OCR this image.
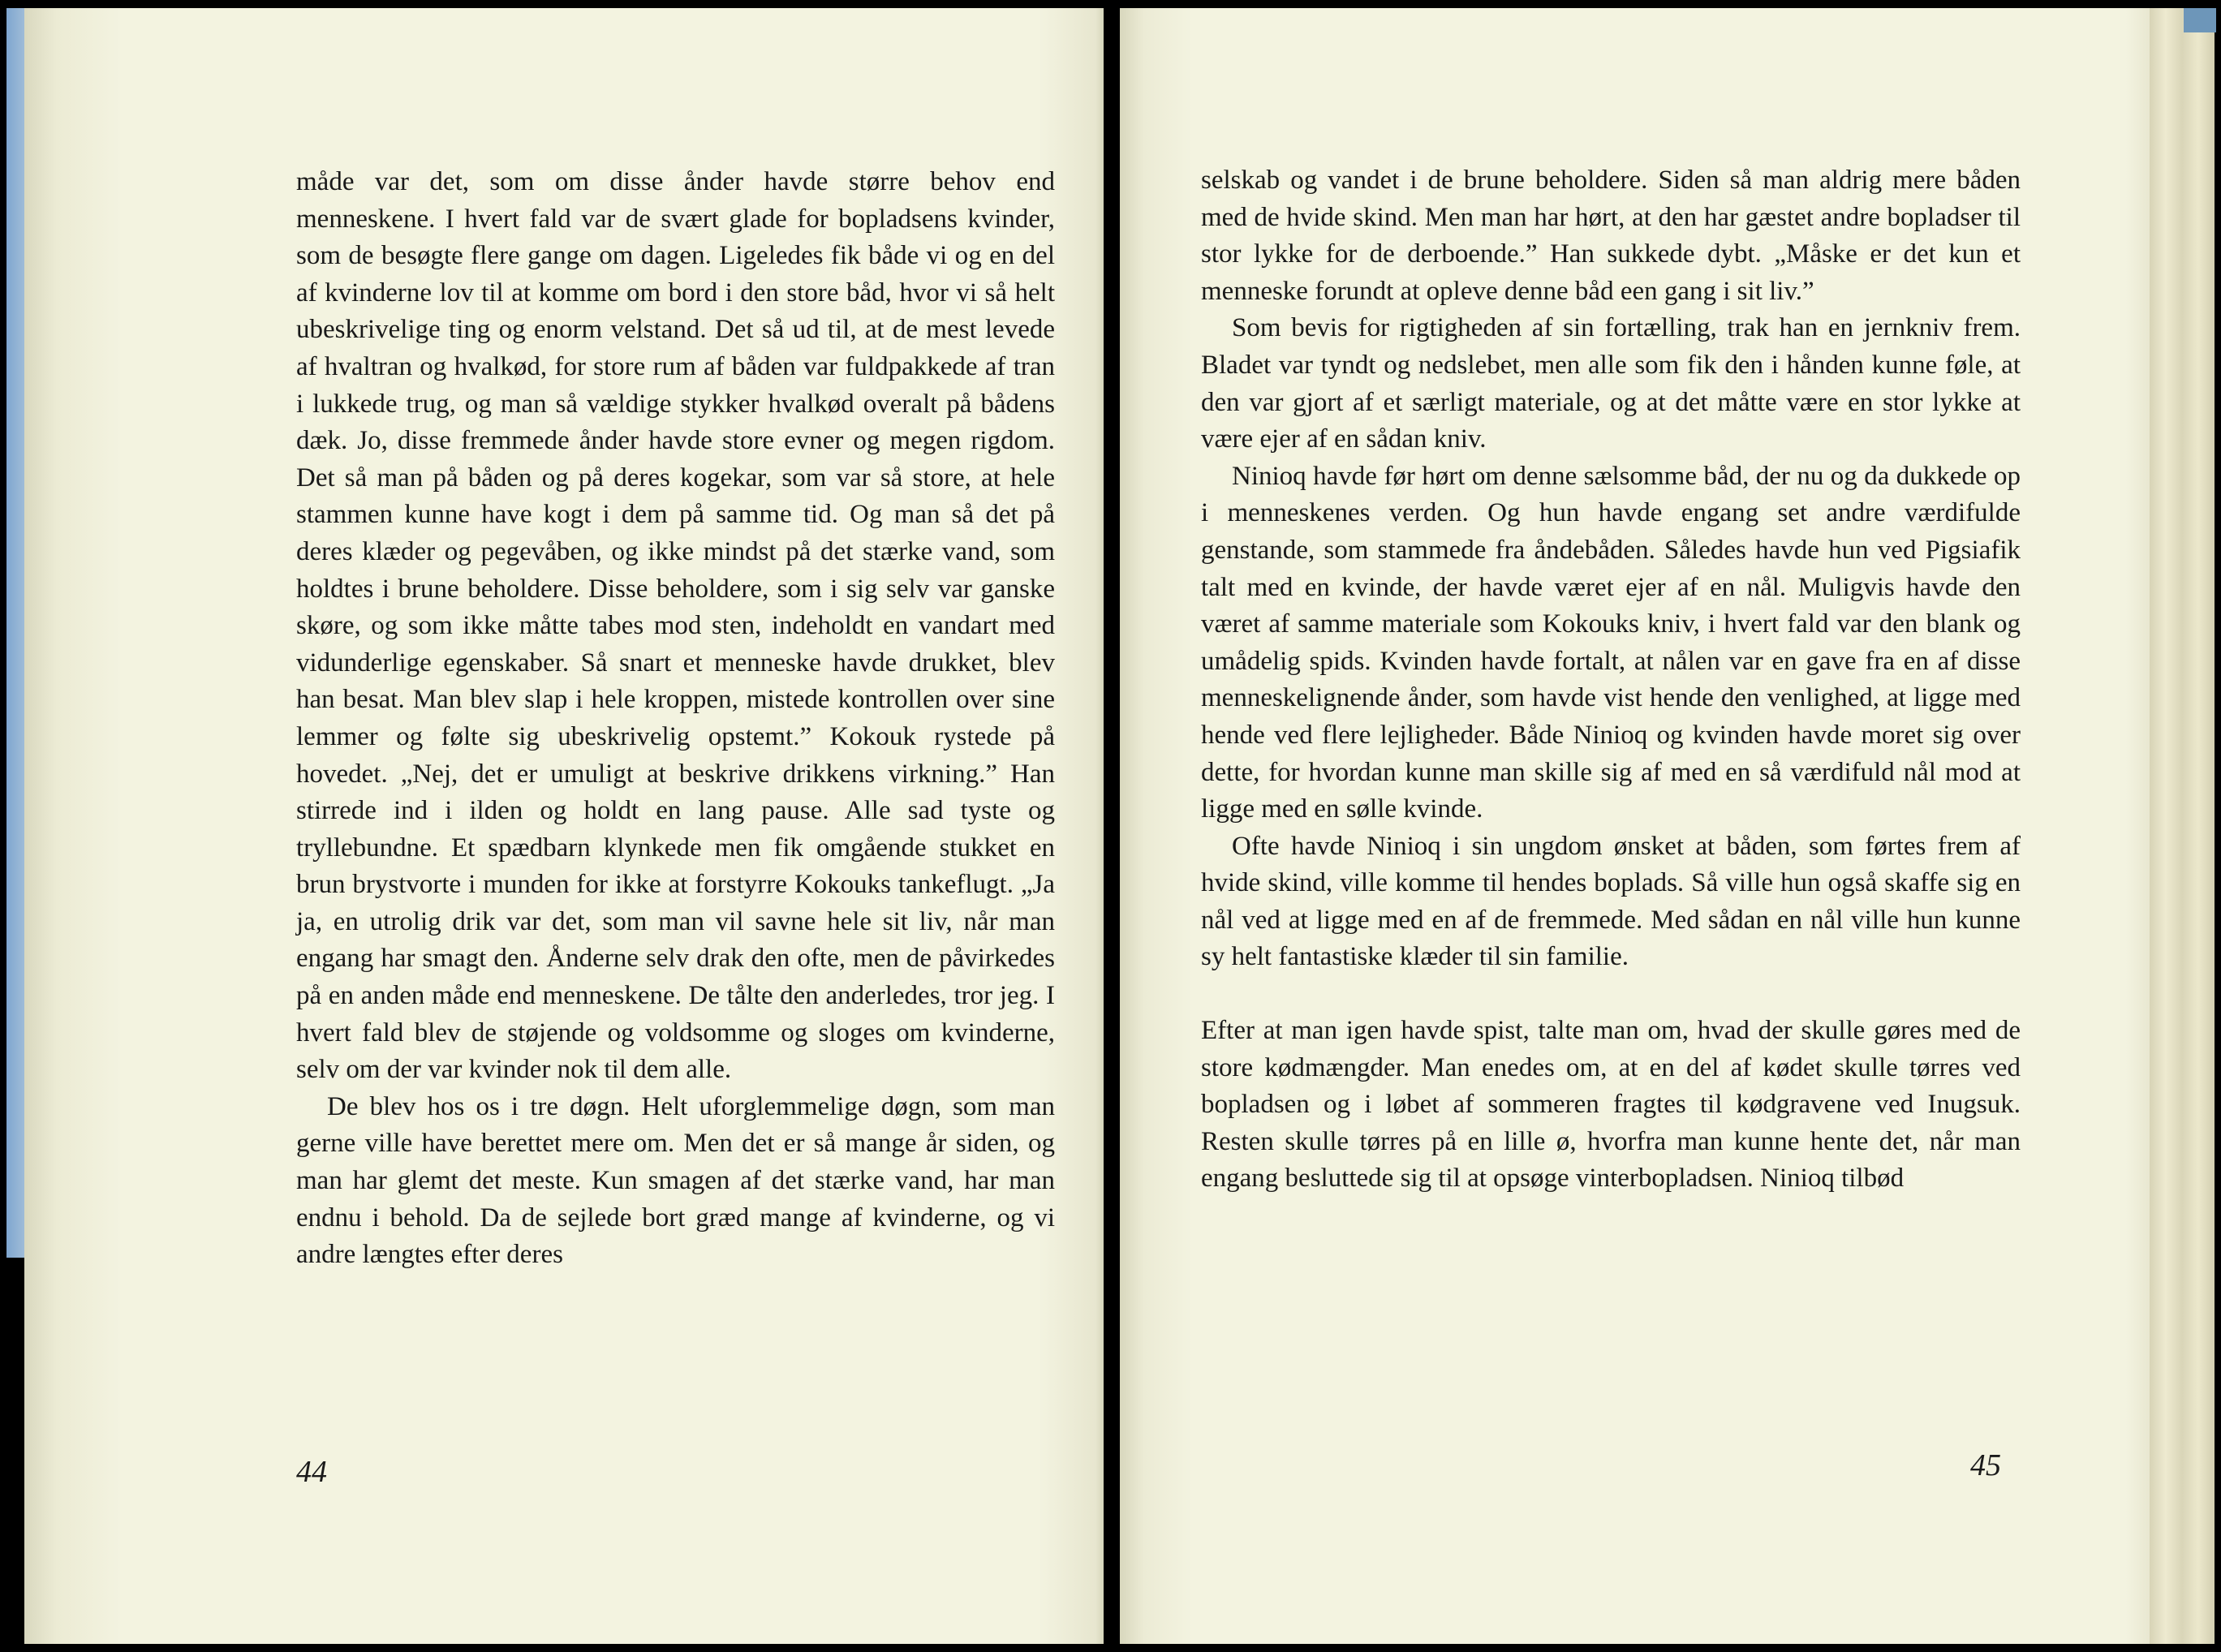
måde var det, som om disse ånder havde større behov end menneskene. I hvert fald var de svært glade for bopladsens kvinder, som de besøgte flere gange om dagen. Ligeledes fik både vi og en del af kvinderne lov til at komme om bord i den store båd, hvor vi så helt ubeskrivelige ting og enorm velstand. Det så ud til, at de mest levede af hvaltran og hvalkød, for store rum af båden var fuldpakkede af tran i lukkede trug, og man så vældige stykker hvalkød overalt på bådens dæk. Jo, disse fremmede ånder havde store evner og megen rigdom. Det så man på båden og på deres kogekar, som var så store, at hele stammen kunne have kogt i dem på samme tid. Og man så det på deres klæder og pegevåben, og ikke mindst på det stærke vand, som holdtes i brune beholdere. Disse beholdere, som i sig selv var ganske skøre, og som ikke måtte tabes mod sten, indeholdt en vandart med vidunderlige egenskaber. Så snart et menneske havde drukket, blev han besat. Man blev slap i hele kroppen, mistede kontrollen over sine lemmer og følte sig ubeskrivelig opstemt.” Kokouk rystede på hovedet. „Nej, det er umuligt at beskrive drikkens virkning.” Han stirrede ind i ilden og holdt en lang pause. Alle sad tyste og tryllebundne. Et spædbarn klynkede men fik omgående stukket en brun brystvorte i munden for ikke at forstyrre Kokouks tankeflugt. „Ja ja, en utrolig drik var det, som man vil savne hele sit liv, når man engang har smagt den. Ånderne selv drak den ofte, men de påvirkedes på en anden måde end menneskene. De tålte den anderledes, tror jeg. I hvert fald blev de støjende og voldsomme og sloges om kvinderne, selv om der var kvinder nok til dem alle.

De blev hos os i tre døgn. Helt uforglemmelige døgn, som man gerne ville have berettet mere om. Men det er så mange år siden, og man har glemt det meste. Kun smagen af det stærke vand, har man endnu i behold. Da de sejlede bort græd mange af kvinderne, og vi andre længtes efter deres

44

selskab og vandet i de brune beholdere. Siden så man aldrig mere båden med de hvide skind. Men man har hørt, at den har gæstet andre bopladser til stor lykke for de derboende.” Han sukkede dybt. „Måske er det kun et menneske forundt at opleve denne båd een gang i sit liv.”

Som bevis for rigtigheden af sin fortælling, trak han en jernkniv frem. Bladet var tyndt og nedslebet, men alle som fik den i hånden kunne føle, at den var gjort af et særligt materiale, og at det måtte være en stor lykke at være ejer af en sådan kniv.

Ninioq havde før hørt om denne sælsomme båd, der nu og da dukkede op i menneskenes verden. Og hun havde engang set andre værdifulde genstande, som stammede fra åndebåden. Således havde hun ved Pigsiafik talt med en kvinde, der havde været ejer af en nål. Muligvis havde den været af samme materiale som Kokouks kniv, i hvert fald var den blank og umådelig spids. Kvinden havde fortalt, at nålen var en gave fra en af disse menneskelignende ånder, som havde vist hende den venlighed, at ligge med hende ved flere lejligheder. Både Ninioq og kvinden havde moret sig over dette, for hvordan kunne man skille sig af med en så værdifuld nål mod at ligge med en sølle kvinde.

Ofte havde Ninioq i sin ungdom ønsket at båden, som førtes frem af hvide skind, ville komme til hendes boplads. Så ville hun også skaffe sig en nål ved at ligge med en af de fremmede. Med sådan en nål ville hun kunne sy helt fantastiske klæder til sin familie.

Efter at man igen havde spist, talte man om, hvad der skulle gøres med de store kødmængder. Man enedes om, at en del af kødet skulle tørres ved bopladsen og i løbet af sommeren fragtes til kødgravene ved Inugsuk. Resten skulle tørres på en lille ø, hvorfra man kunne hente det, når man engang besluttede sig til at opsøge vinterbopladsen. Ninioq tilbød

45
